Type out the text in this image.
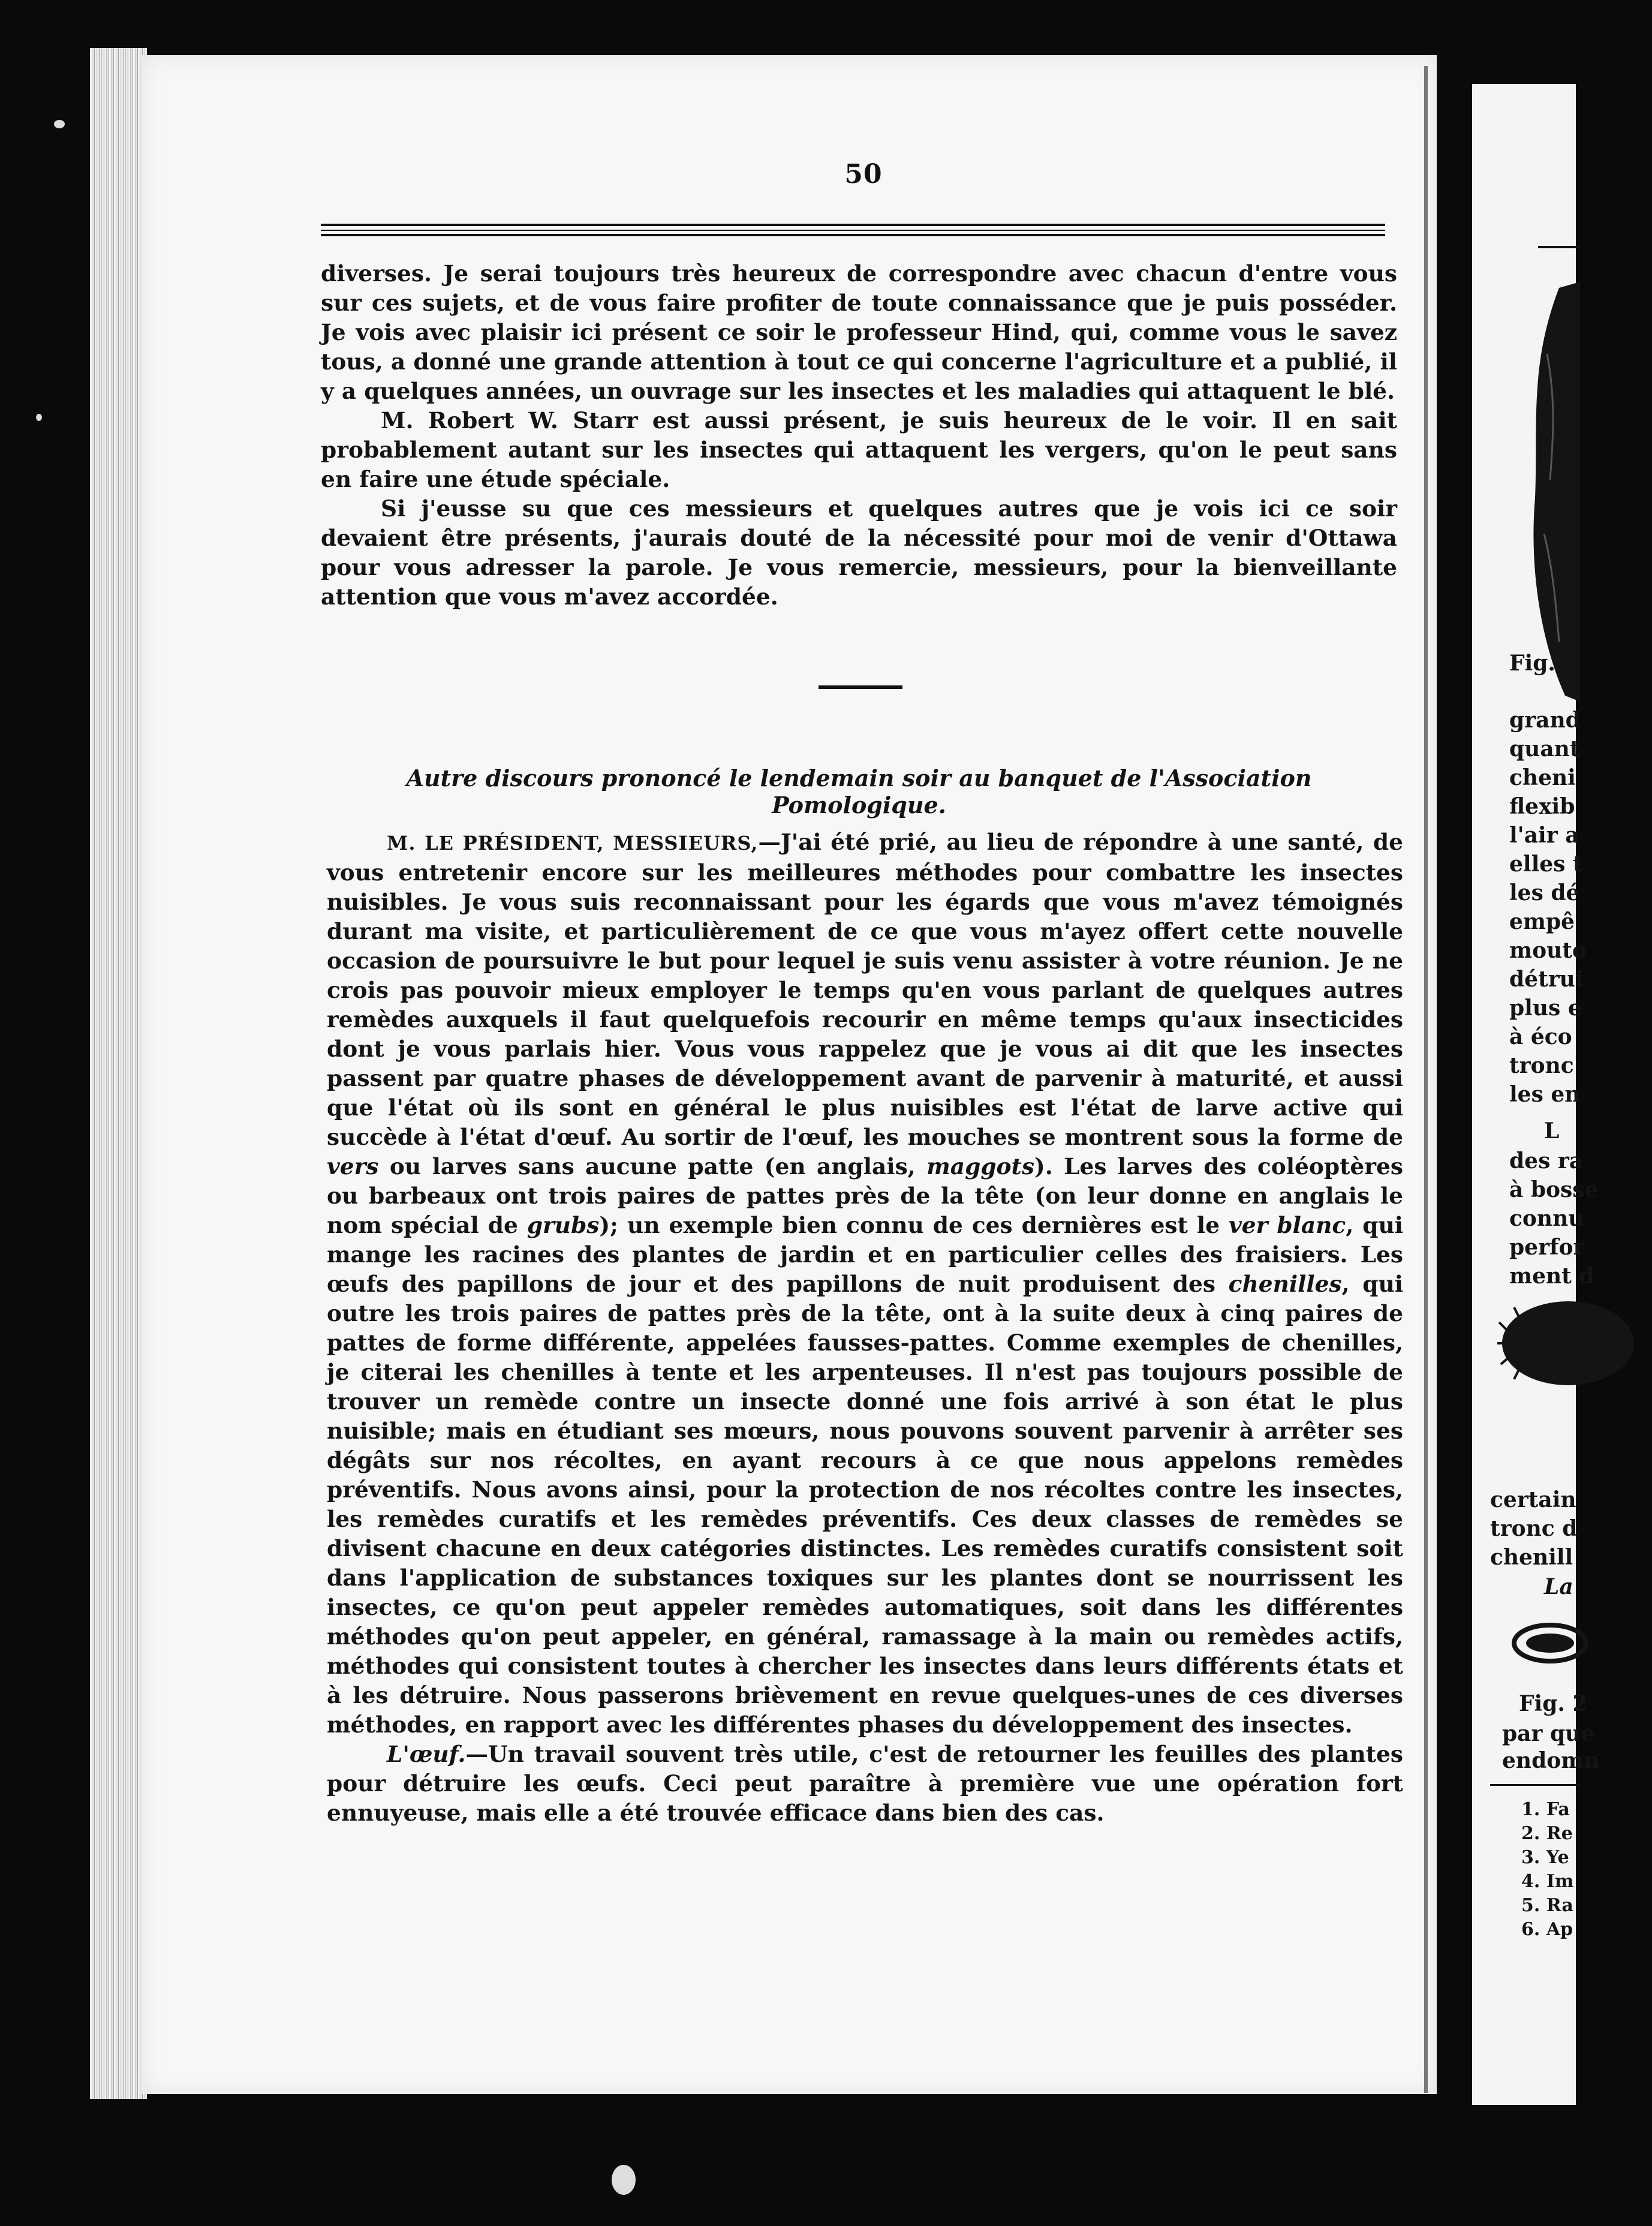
50

diverses. Je serai toujours très heureux de correspondre avec chacun d'entre vous sur ces sujets, et de vous faire profiter de toute connaissance que je puis posséder. Je vois avec plaisir ici présent ce soir le professeur Hind, qui, comme vous le savez tous, a donné une grande attention à tout ce qui concerne l'agriculture et a publié, il y a quelques années, un ouvrage sur les insectes et les maladies qui attaquent le blé.

M. Robert W. Starr est aussi présent, je suis heureux de le voir. Il en sait probablement autant sur les insectes qui attaquent les vergers, qu'on le peut sans en faire une étude spéciale.

Si j'eusse su que ces messieurs et quelques autres que je vois ici ce soir devaient être présents, j'aurais douté de la nécessité pour moi de venir d'Ottawa pour vous adresser la parole. Je vous remercie, messieurs, pour la bienveillante attention que vous m'avez accordée.

Autre discours prononcé le lendemain soir au banquet de l'Association Pomologique.

M. LE PRÉSIDENT, MESSIEURS,—J'ai été prié, au lieu de répondre à une santé, de vous entretenir encore sur les meilleures méthodes pour combattre les insectes nuisibles. Je vous suis reconnaissant pour les égards que vous m'avez témoignés durant ma visite, et particulièrement de ce que vous m'ayez offert cette nouvelle occasion de poursuivre le but pour lequel je suis venu assister à votre réunion. Je ne crois pas pouvoir mieux employer le temps qu'en vous parlant de quelques autres remèdes auxquels il faut quelquefois recourir en même temps qu'aux insecticides dont je vous parlais hier. Vous vous rappelez que je vous ai dit que les insectes passent par quatre phases de développement avant de parvenir à maturité, et aussi que l'état où ils sont en général le plus nuisibles est l'état de larve active qui succède à l'état d'œuf. Au sortir de l'œuf, les mouches se montrent sous la forme de vers ou larves sans aucune patte (en anglais, maggots). Les larves des coléoptères ou barbeaux ont trois paires de pattes près de la tête (on leur donne en anglais le nom spécial de grubs); un exemple bien connu de ces dernières est le ver blanc, qui mange les racines des plantes de jardin et en particulier celles des fraisiers. Les œufs des papillons de jour et des papillons de nuit produisent des chenilles, qui outre les trois paires de pattes près de la tête, ont à la suite deux à cinq paires de pattes de forme différente, appelées fausses-pattes. Comme exemples de chenilles, je citerai les chenilles à tente et les arpenteuses. Il n'est pas toujours possible de trouver un remède contre un insecte donné une fois arrivé à son état le plus nuisible; mais en étudiant ses mœurs, nous pouvons souvent parvenir à arrêter ses dégâts sur nos récoltes, en ayant recours à ce que nous appelons remèdes préventifs. Nous avons ainsi, pour la protection de nos récoltes contre les insectes, les remèdes curatifs et les remèdes préventifs. Ces deux classes de remèdes se divisent chacune en deux catégories distinctes. Les remèdes curatifs consistent soit dans l'application de substances toxiques sur les plantes dont se nourrissent les insectes, ce qu'on peut appeler remèdes automatiques, soit dans les différentes méthodes qu'on peut appeler, en général, ramassage à la main ou remèdes actifs, méthodes qui consistent toutes à chercher les insectes dans leurs différents états et à les détruire. Nous passerons brièvement en revue quelques-unes de ces diverses méthodes, en rapport avec les différentes phases du développement des insectes.

L'œuf.—Un travail souvent très utile, c'est de retourner les feuilles des plantes pour détruire les œufs. Ceci peut paraître à première vue une opération fort ennuyeuse, mais elle a été trouvée efficace dans bien des cas.

Fig.
grand
quant
cheni
flexib
l'air a
elles t
les dé
empê
mouto
détrui
plus e
à éco
tronc
les en
L
des ra
à bosse
connu
perfor
ment d
certain
tronc d
chenill
La
Fig. 2
par que
endomn
1. Fa
2. Re
3. Ye
4. Im
5. Ra
6. Ap
